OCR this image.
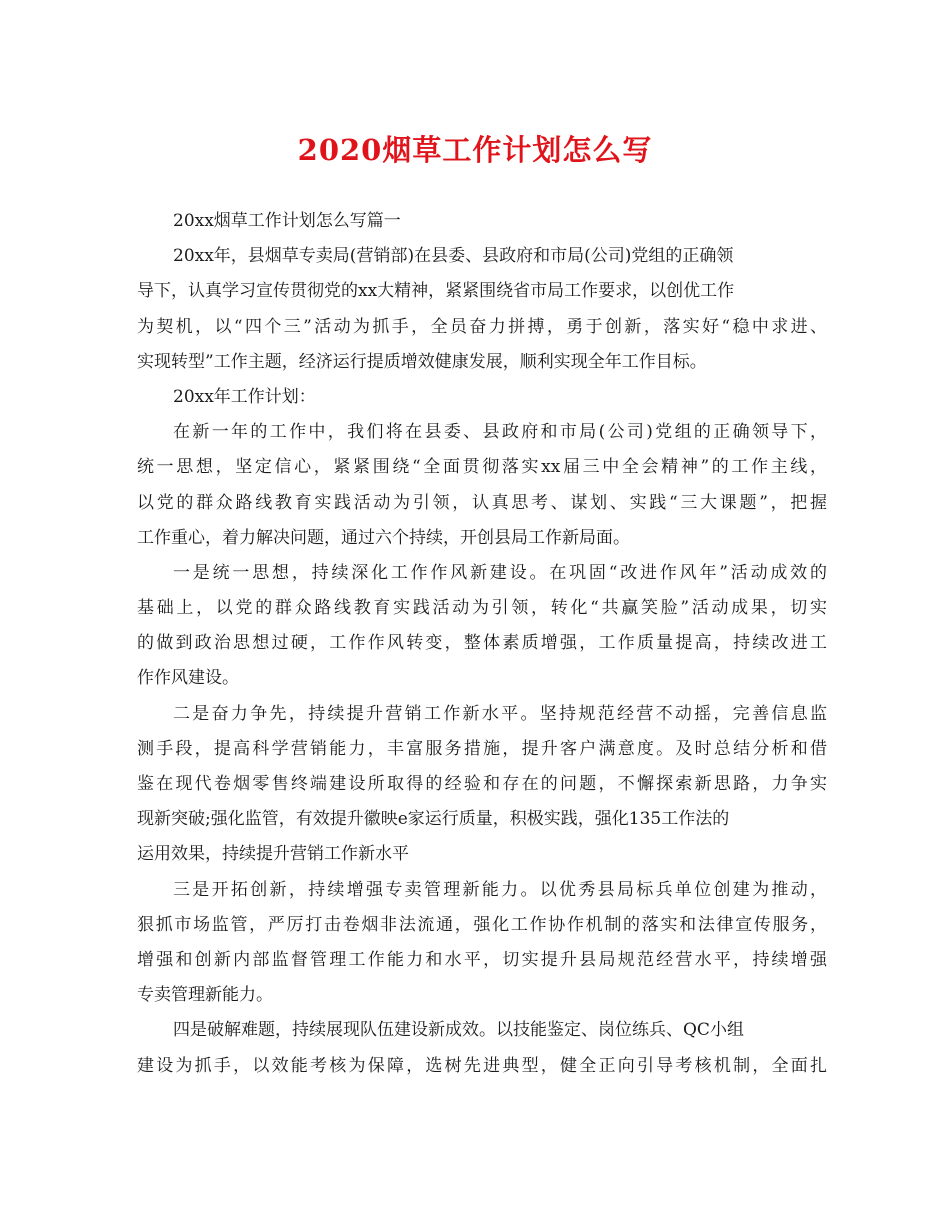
2020烟草工作计划怎么写
20xx烟草工作计划怎么写篇一
20xx年，县烟草专卖局(营销部)在县委、县政府和市局(公司)党组的正确领
导下，认真学习宣传贯彻党的xx大精神，紧紧围绕省市局工作要求，以创优工作
为契机，以“四个三”活动为抓手，全员奋力拼搏，勇于创新，落实好“稳中求进、
实现转型”工作主题，经济运行提质增效健康发展，顺利实现全年工作目标。
20xx年工作计划：
在新一年的工作中，我们将在县委、县政府和市局(公司)党组的正确领导下，
统一思想，坚定信心，紧紧围绕“全面贯彻落实xx届三中全会精神”的工作主线，
以党的群众路线教育实践活动为引领，认真思考、谋划、实践“三大课题”，把握
工作重心，着力解决问题，通过六个持续，开创县局工作新局面。
一是统一思想，持续深化工作作风新建设。在巩固“改进作风年”活动成效的
基础上，以党的群众路线教育实践活动为引领，转化“共赢笑脸”活动成果，切实
的做到政治思想过硬，工作作风转变，整体素质增强，工作质量提高，持续改进工
作作风建设。
二是奋力争先，持续提升营销工作新水平。坚持规范经营不动摇，完善信息监
测手段，提高科学营销能力，丰富服务措施，提升客户满意度。及时总结分析和借
鉴在现代卷烟零售终端建设所取得的经验和存在的问题，不懈探索新思路，力争实
现新突破;强化监管，有效提升徽映e家运行质量，积极实践，强化135工作法的
运用效果，持续提升营销工作新水平
三是开拓创新，持续增强专卖管理新能力。以优秀县局标兵单位创建为推动，
狠抓市场监管，严厉打击卷烟非法流通，强化工作协作机制的落实和法律宣传服务，
增强和创新内部监督管理工作能力和水平，切实提升县局规范经营水平，持续增强
专卖管理新能力。
四是破解难题，持续展现队伍建设新成效。以技能鉴定、岗位练兵、QC小组
建设为抓手，以效能考核为保障，选树先进典型，健全正向引导考核机制，全面扎
